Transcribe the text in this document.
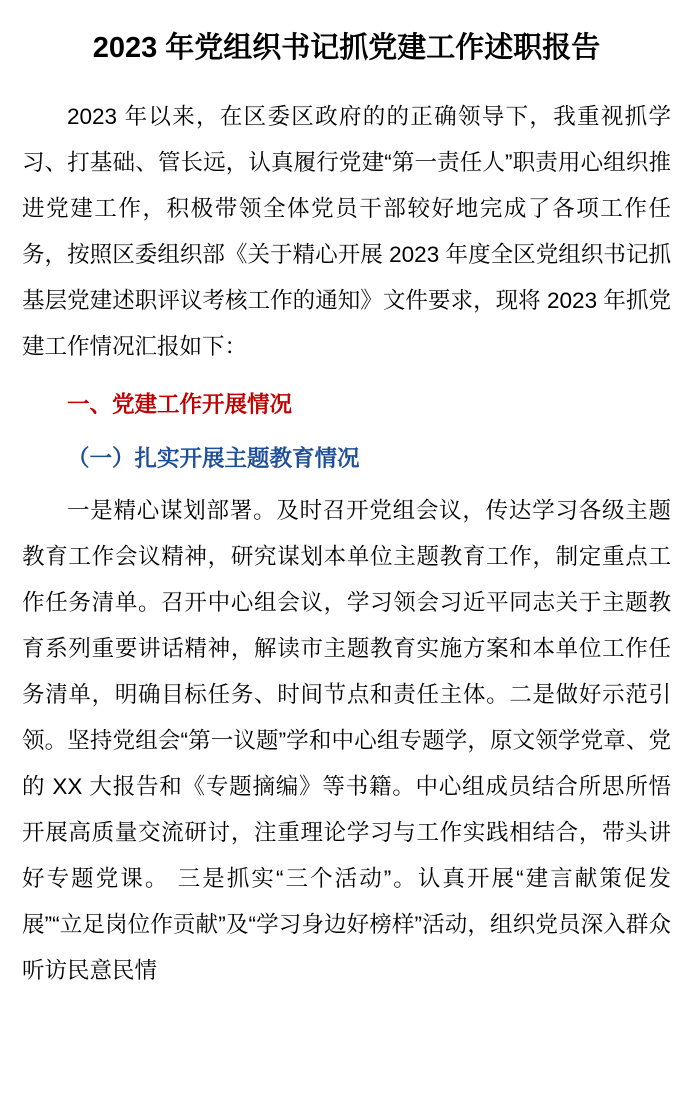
2023 年党组织书记抓党建工作述职报告

2023 年以来，在区委区政府的的正确领导下，我重视抓学习、打基础、管长远，认真履行党建“第一责任人”职责用心组织推进党建工作，积极带领全体党员干部较好地完成了各项工作任务，按照区委组织部《关于精心开展 2023 年度全区党组织书记抓基层党建述职评议考核工作的通知》文件要求，现将 2023 年抓党建工作情况汇报如下：

一、党建工作开展情况
（一）扎实开展主题教育情况

一是精心谋划部署。及时召开党组会议，传达学习各级主题教育工作会议精神，研究谋划本单位主题教育工作，制定重点工作任务清单。召开中心组会议，学习领会习近平同志关于主题教育系列重要讲话精神，解读市主题教育实施方案和本单位工作任务清单，明确目标任务、时间节点和责任主体。二是做好示范引领。坚持党组会“第一议题”学和中心组专题学，原文领学党章、党的 XX 大报告和《专题摘编》等书籍。中心组成员结合所思所悟开展高质量交流研讨，注重理论学习与工作实践相结合，带头讲好专题党课。 三是抓实“三个活动”。认真开展“建言献策促发展”“立足岗位作贡献”及“学习身边好榜样”活动，组织党员深入群众听访民意民情
